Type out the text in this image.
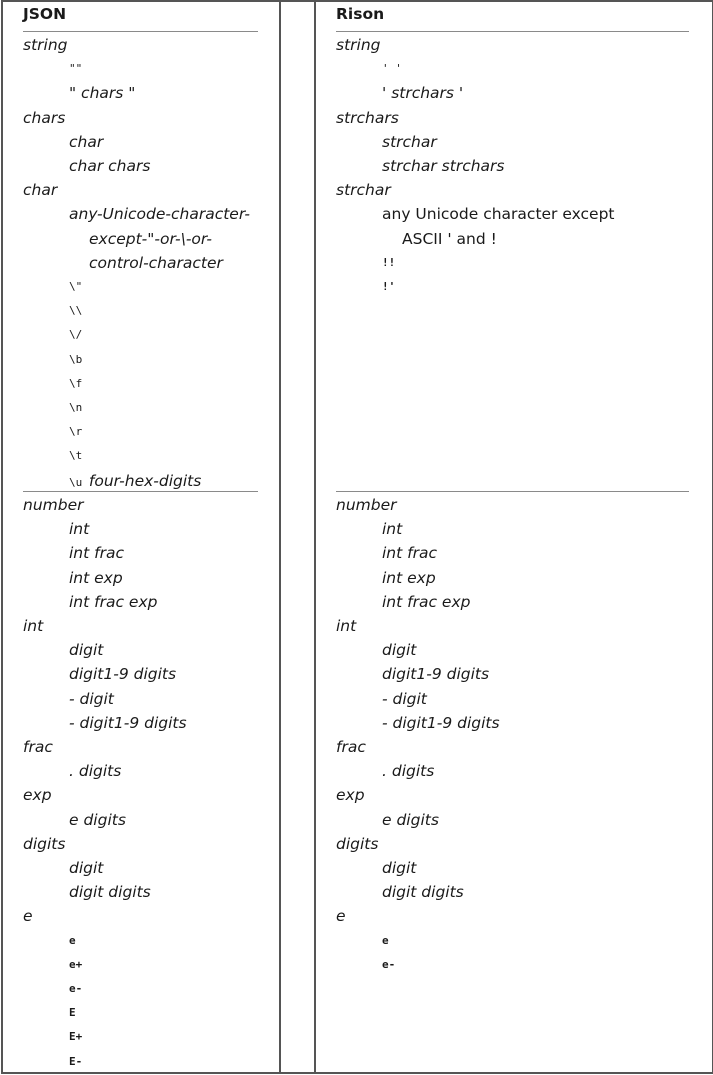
JSON	Rison
string
""
" chars "
chars
char
char chars
char
any-Unicode-character-
except-"-or-\-or-
control-character
\"
\\
\/
\b
\f
\n
\r
\t
\u four-hex-digits
number
int
int frac
int exp
int frac exp
int
digit
digit1-9 digits
- digit
- digit1-9 digits
frac
. digits
exp
e digits
digits
digit
digit digits
e
e
e+
e-
E
E+
E-
string
' '
' strchars '
strchars
strchar
strchar strchars
strchar
any Unicode character except
ASCII ' and !
!!
!'
number
int
int frac
int exp
int frac exp
int
digit
digit1-9 digits
- digit
- digit1-9 digits
frac
. digits
exp
e digits
digits
digit
digit digits
e
e
e-
